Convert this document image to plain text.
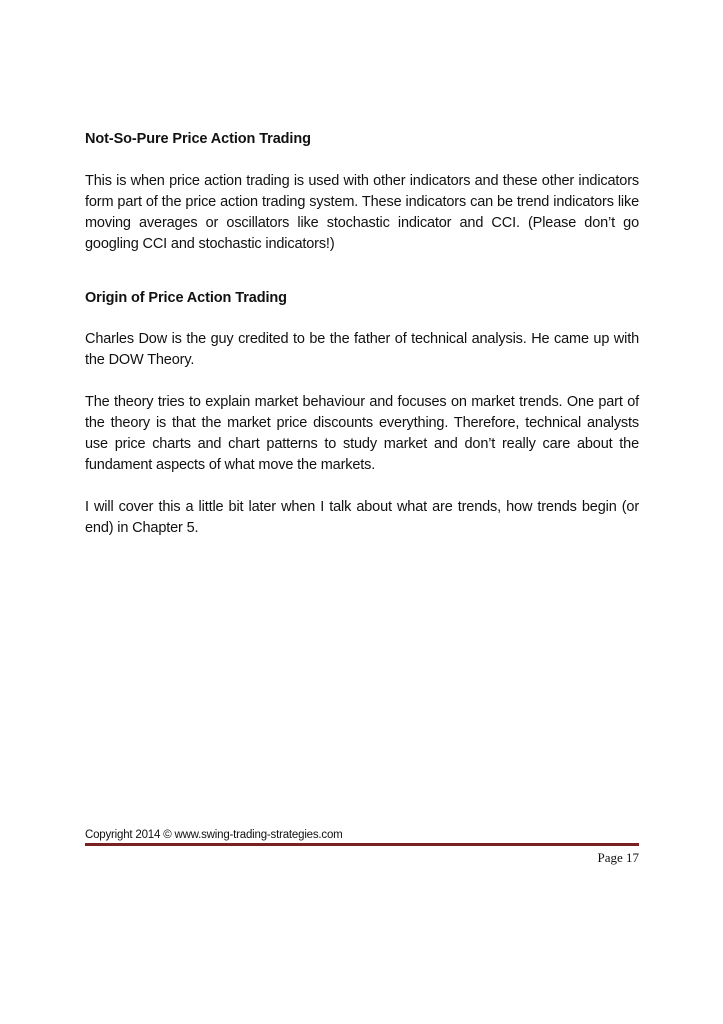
Not-So-Pure Price Action Trading

This is when price action trading is used with other indicators and these other indicators form part of the price action trading system. These indicators can be trend indicators like moving averages or oscillators like stochastic indicator and CCI. (Please don’t go googling CCI and stochastic indicators!)

Origin of Price Action Trading

Charles Dow is the guy credited to be the father of technical analysis. He came up with the DOW Theory.

The theory tries to explain market behaviour and focuses on market trends. One part of the theory is that the market price discounts everything. Therefore, technical analysts use price charts and chart patterns to study market and don’t really care about the fundament aspects of what move the markets.

I will cover this a little bit later when I talk about what are trends, how trends begin (or end) in Chapter 5.

Copyright 2014 © www.swing-trading-strategies.com
Page 17
